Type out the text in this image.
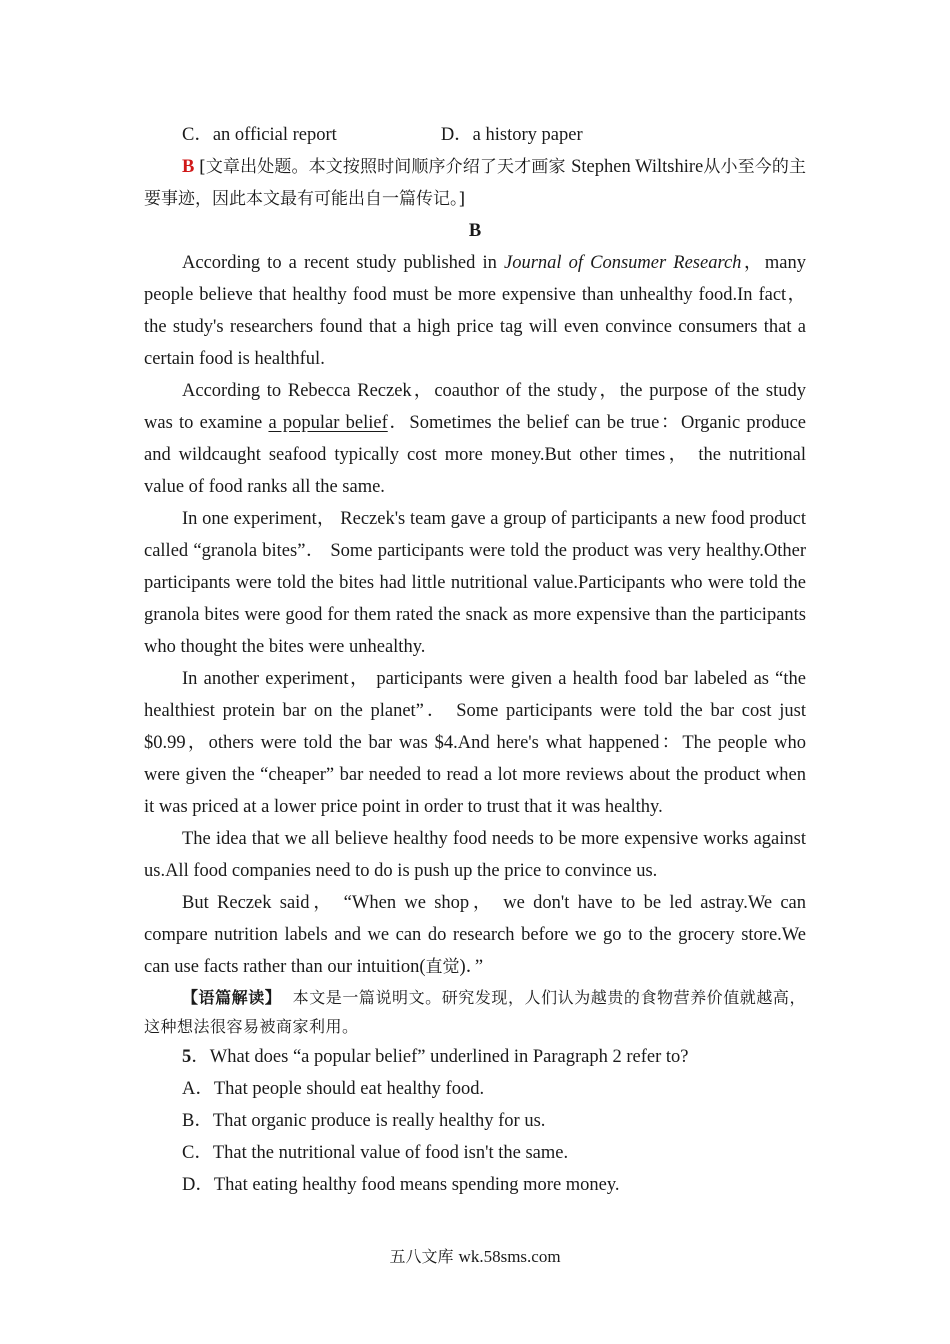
C．an official report	D．a history paper
B [文章出处题。本文按照时间顺序介绍了天才画家 Stephen Wiltshire从小至今的主要事迹，因此本文最有可能出自一篇传记。]
B

According to a recent study published in Journal of Consumer Research，many people believe that healthy food must be more expensive than unhealthy food.In fact，the study's researchers found that a high price tag will even convince consumers that a certain food is healthful.

According to Rebecca Reczek，coauthor of the study，the purpose of the study was to examine a popular belief．Sometimes the belief can be true：Organic produce and wildcaught seafood typically cost more money.But other times， the nutritional value of food ranks all the same.

In one experiment， Reczek's team gave a group of participants a new food product called “granola bites”． Some participants were told the product was very healthy.Other participants were told the bites had little nutritional value.Participants who were told the granola bites were good for them rated the snack as more expensive than the participants who thought the bites were unhealthy.

In another experiment， participants were given a health food bar labeled as “the healthiest protein bar on the planet”． Some participants were told the bar cost just $0.99，others were told the bar was $4.And here's what happened：The people who were given the “cheaper” bar needed to read a lot more reviews about the product when it was priced at a lower price point in order to trust that it was healthy.

The idea that we all believe healthy food needs to be more expensive works against us.All food companies need to do is push up the price to convince us.

But Reczek said， “When we shop， we don't have to be led astray.We can compare nutrition labels and we can do research before we go to the grocery store.We can use facts rather than our intuition(直觉)．”

【语篇解读】 本文是一篇说明文。研究发现，人们认为越贵的食物营养价值就越高，这种想法很容易被商家利用。

5．What does “a popular belief” underlined in Paragraph 2 refer to?
A．That people should eat healthy food.
B．That organic produce is really healthy for us.
C．That the nutritional value of food isn't the same.
D．That eating healthy food means spending more money.
五八文库 wk.58sms.com
